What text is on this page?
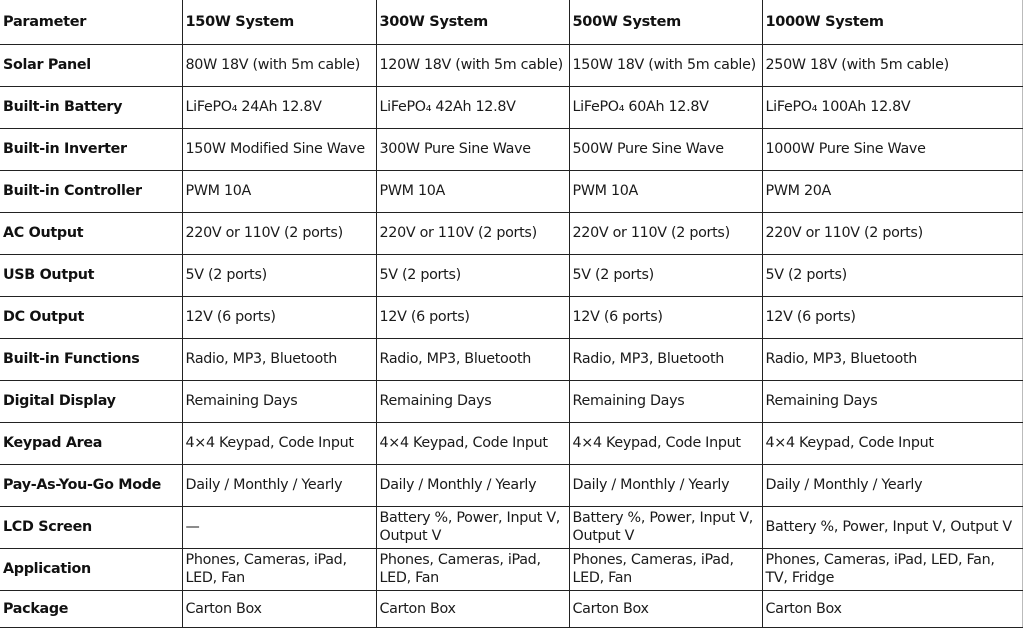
Parameter	150W System	300W System	500W System	1000W System
Solar Panel	80W 18V (with 5m cable)	120W 18V (with 5m cable)	150W 18V (with 5m cable)	250W 18V (with 5m cable)
Built-in Battery	LiFePO₄ 24Ah 12.8V	LiFePO₄ 42Ah 12.8V	LiFePO₄ 60Ah 12.8V	LiFePO₄ 100Ah 12.8V
Built-in Inverter	150W Modified Sine Wave	300W Pure Sine Wave	500W Pure Sine Wave	1000W Pure Sine Wave
Built-in Controller	PWM 10A	PWM 10A	PWM 10A	PWM 20A
AC Output	220V or 110V (2 ports)	220V or 110V (2 ports)	220V or 110V (2 ports)	220V or 110V (2 ports)
USB Output	5V (2 ports)	5V (2 ports)	5V (2 ports)	5V (2 ports)
DC Output	12V (6 ports)	12V (6 ports)	12V (6 ports)	12V (6 ports)
Built-in Functions	Radio, MP3, Bluetooth	Radio, MP3, Bluetooth	Radio, MP3, Bluetooth	Radio, MP3, Bluetooth
Digital Display	Remaining Days	Remaining Days	Remaining Days	Remaining Days
Keypad Area	4×4 Keypad, Code Input	4×4 Keypad, Code Input	4×4 Keypad, Code Input	4×4 Keypad, Code Input
Pay-As-You-Go Mode	Daily / Monthly / Yearly	Daily / Monthly / Yearly	Daily / Monthly / Yearly	Daily / Monthly / Yearly
LCD Screen	—	Battery %, Power, Input V, Output V	Battery %, Power, Input V, Output V	Battery %, Power, Input V, Output V
Application	Phones, Cameras, iPad, LED, Fan	Phones, Cameras, iPad, LED, Fan	Phones, Cameras, iPad, LED, Fan	Phones, Cameras, iPad, LED, Fan, TV, Fridge
Package	Carton Box	Carton Box	Carton Box	Carton Box
